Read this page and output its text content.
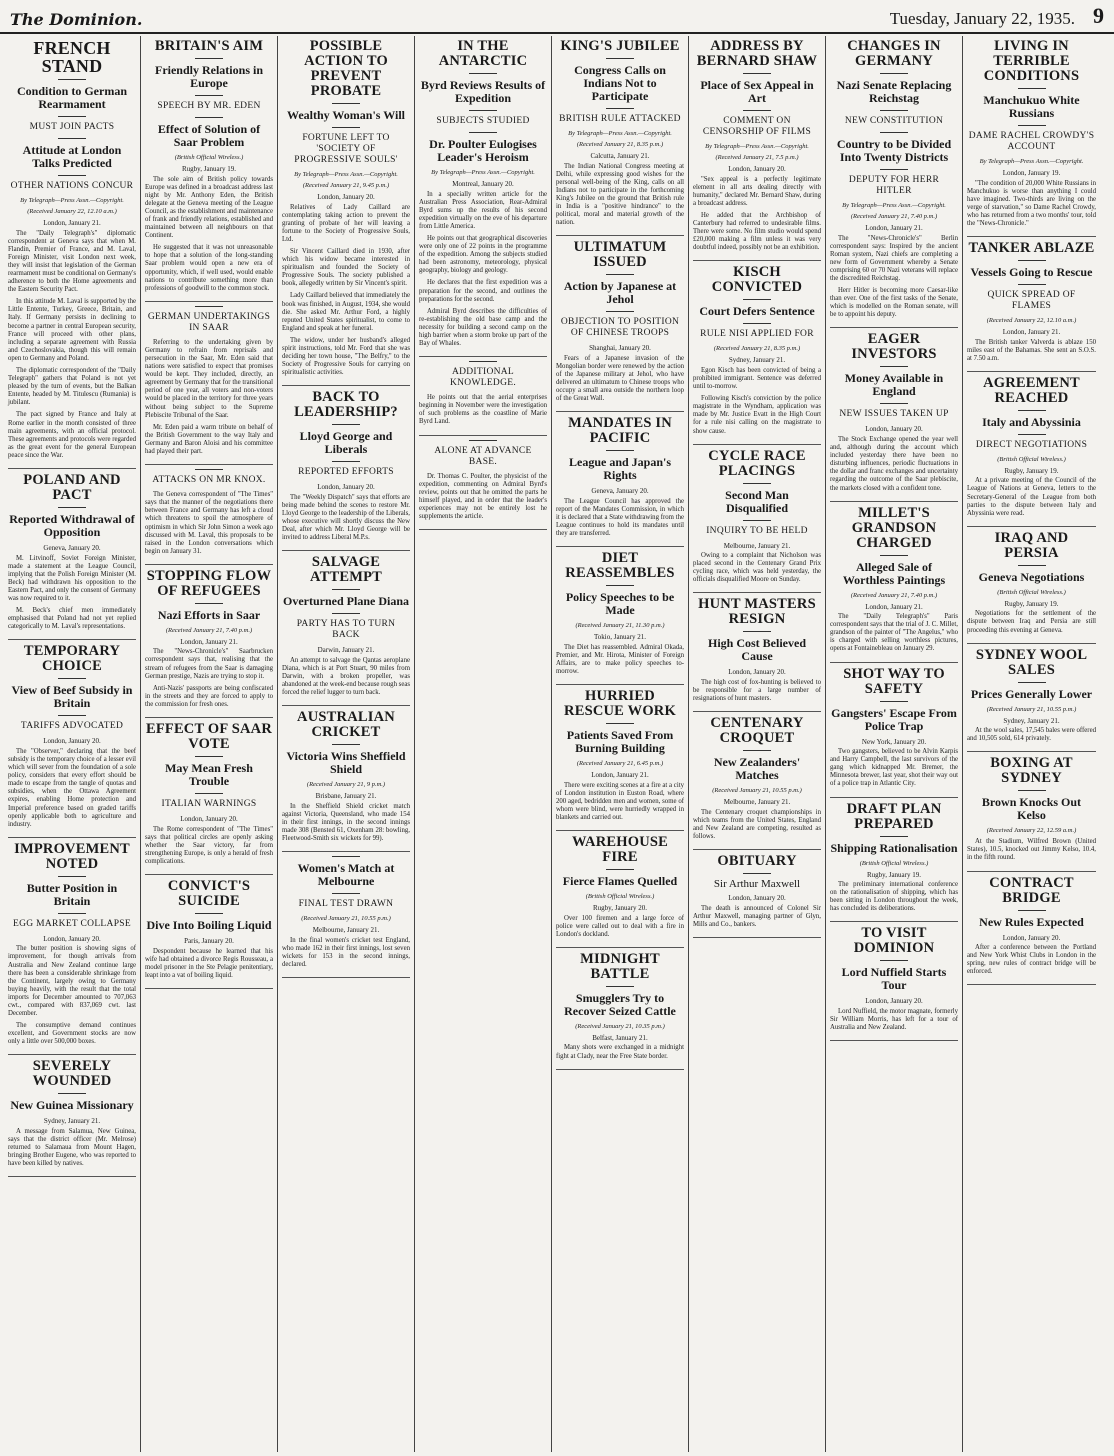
The Dominion.	Tuesday, January 22, 1935. 9
FRENCH STAND
Condition to German Rearmament
MUST JOIN PACTS
Attitude at London Talks Predicted
OTHER NATIONS CONCUR
By Telegraph—Press Assn.—Copyright.
(Received January 22, 12.10 a.m.)
London, January 21.

The "Daily Telegraph's" diplomatic correspondent at Geneva says that when M. Flandin, Premier of France, and M. Laval, Foreign Minister, visit London next week, they will insist that legislation of the German rearmament must be conditional on Germany's adherence to both the Home agreements and the Eastern Security Pact.

In this attitude M. Laval is supported by the Little Entente, Turkey, Greece, Britain, and Italy. If Germany persists in declining to become a partner in central European security, France will proceed with other plans, including a separate agreement with Russia and Czechoslovakia, though this will remain open to Germany and Poland.

The diplomatic correspondent of the "Daily Telegraph" gathers that Poland is not yet pleased by the turn of events, but the Balkan Entente, headed by M. Titulescu (Rumania) is jubilant.

The pact signed by France and Italy at Rome earlier in the month consisted of three main agreements, with an official protocol. These agreements and protocols were regarded as the great event for the general European peace since the War.

POLAND AND PACT
Reported Withdrawal of Opposition
Geneva, January 20.

M. Litvinoff, Soviet Foreign Minister, made a statement at the League Council, implying that the Polish Foreign Minister (M. Beck) had withdrawn his opposition to the Eastern Pact, and only the consent of Germany was now required to it.

M. Beck's chief men immediately emphasised that Poland had not yet replied categorically to M. Laval's representations.

TEMPORARY CHOICE
View of Beef Subsidy in Britain
TARIFFS ADVOCATED
London, January 20.

The "Observer," declaring that the beef subsidy is the temporary choice of a lesser evil which will sever from the foundation of a sole policy, considers that every effort should be made to escape from the tangle of quotas and subsidies, when the Ottawa Agreement expires, enabling Home protection and Imperial preference based on graded tariffs openly applicable both to agriculture and industry.

IMPROVEMENT NOTED
Butter Position in Britain
EGG MARKET COLLAPSE
London, January 20.

The butter position is showing signs of improvement, for though arrivals from Australia and New Zealand continue large there has been a considerable shrinkage from the Continent, largely owing to Germany buying heavily, with the result that the total imports for December amounted to 707,063 cwt., compared with 837,069 cwt. last December.

The consumptive demand continues excellent, and Government stocks are now only a little over 500,000 boxes.

SEVERELY WOUNDED
New Guinea Missionary
Sydney, January 21.

A message from Salamua, New Guinea, says that the district officer (Mr. Melrose) returned to Salamaua from Mount Hagen, bringing Brother Eugene, who was reported to have been killed by natives.

BRITAIN'S AIM
Friendly Relations in Europe
SPEECH BY MR. EDEN
Effect of Solution of Saar Problem
(British Official Wireless.)
Rugby, January 19.

The sole aim of British policy towards Europe was defined in a broadcast address last night by Mr. Anthony Eden, the British delegate at the Geneva meeting of the League Council, as the establishment and maintenance of frank and friendly relations, established and maintained between all neighbours on that Continent.

He suggested that it was not unreasonable to hope that a solution of the long-standing Saar problem would open a new era of opportunity, which, if well used, would enable nations to contribute something more than professions of goodwill to the common stock.

GERMAN UNDERTAKINGS IN SAAR

Referring to the undertaking given by Germany to refrain from reprisals and persecution in the Saar, Mr. Eden said that nations were satisfied to expect that promises would be kept. They included, directly, an agreement by Germany that for the transitional period of one year, all voters and non-voters would be placed in the territory for three years without being subject to the Supreme Plebiscite Tribunal of the Saar.

Mr. Eden paid a warm tribute on behalf of the British Government to the way Italy and Germany and Baron Aloisi and his committee had played their part.

ATTACKS ON MR KNOX.

The Geneva correspondent of "The Times" says that the manner of the negotiations there between France and Germany has left a cloud which threatens to spoil the atmosphere of optimism in which Sir John Simon a week ago discussed with M. Laval, this proposals to be raised in the London conversations which begin on January 31.

STOPPING FLOW OF REFUGEES
Nazi Efforts in Saar
(Received January 21, 7.40 p.m.)
London, January 21.

The "News-Chronicle's" Saarbrucken correspondent says that, realising that the stream of refugees from the Saar is damaging German prestige, Nazis are trying to stop it.

Anti-Nazis' passports are being confiscated in the streets and they are forced to apply to the commission for fresh ones.

EFFECT OF SAAR VOTE
May Mean Fresh Trouble
ITALIAN WARNINGS
London, January 20.

The Rome correspondent of "The Times" says that political circles are openly asking whether the Saar victory, far from strengthening Europe, is only a herald of fresh complications.

CONVICT'S SUICIDE
Dive Into Boiling Liquid
Paris, January 20.

Despondent because he learned that his wife had obtained a divorce Regis Rousseau, a model prisoner in the Ste Pelagie penitentiary, leapt into a vat of boiling liquid.

POSSIBLE ACTION TO PREVENT PROBATE
Wealthy Woman's Will
FORTUNE LEFT TO 'SOCIETY OF PROGRESSIVE SOULS'
By Telegraph—Press Assn.—Copyright.
(Received January 21, 9.45 p.m.)
London, January 20.

Relatives of Lady Caillard are contemplating taking action to prevent the granting of probate of her will leaving a fortune to the Society of Progressive Souls, Ltd.

Sir Vincent Caillard died in 1930, after which his widow became interested in spiritualism and founded the Society of Progressive Souls. The society published a book, allegedly written by Sir Vincent's spirit.

Lady Caillard believed that immediately the book was finished, in August, 1934, she would die. She asked Mr. Arthur Ford, a highly reputed United States spiritualist, to come to England and speak at her funeral.

The widow, under her husband's alleged spirit instructions, told Mr. Ford that she was deciding her town house, "The Belfry," to the Society of Progressive Souls for carrying on spiritualistic activities.

BACK TO LEADERSHIP?
Lloyd George and Liberals
REPORTED EFFORTS
London, January 20.

The "Weekly Dispatch" says that efforts are being made behind the scenes to restore Mr. Lloyd George to the leadership of the Liberals, whose executive will shortly discuss the New Deal, after which Mr. Lloyd George will be invited to address Liberal M.P.s.

SALVAGE ATTEMPT
Overturned Plane Diana
PARTY HAS TO TURN BACK
Darwin, January 21.

An attempt to salvage the Qantas aeroplane Diana, which is at Port Stuart, 90 miles from Darwin, with a broken propeller, was abandoned at the week-end because rough seas forced the relief lugger to turn back.

AUSTRALIAN CRICKET
Victoria Wins Sheffield Shield
(Received January 21, 9 p.m.)
Brisbane, January 21.

In the Sheffield Shield cricket match against Victoria, Queensland, who made 154 in their first innings, in the second innings made 308 (Bensted 61, Oxenham 28: bowling, Fleetwood-Smith six wickets for 99).

Women's Match at Melbourne
FINAL TEST DRAWN
(Received January 21, 10.55 p.m.)
Melbourne, January 21.

In the final women's cricket test England, who made 162 in their first innings, lost seven wickets for 153 in the second innings, declared.

IN THE ANTARCTIC
Byrd Reviews Results of Expedition
SUBJECTS STUDIED
Dr. Poulter Eulogises Leader's Heroism
By Telegraph—Press Assn.—Copyright.
Montreal, January 20.

In a specially written article for the Australian Press Association, Rear-Admiral Byrd sums up the results of his second expedition virtually on the eve of his departure from Little America.

He points out that geographical discoveries were only one of 22 points in the programme of the expedition. Among the subjects studied had been astronomy, meteorology, physical geography, biology and geology.

He declares that the first expedition was a preparation for the second, and outlines the preparations for the second.

Admiral Byrd describes the difficulties of re-establishing the old base camp and the necessity for building a second camp on the high barrier when a storm broke up part of the Bay of Whales.

ADDITIONAL KNOWLEDGE.

He points out that the aerial enterprises beginning in November were the investigation of such problems as the coastline of Marie Byrd Land.

ALONE AT ADVANCE BASE.

Dr. Thomas C. Poulter, the physicist of the expedition, commenting on Admiral Byrd's review, points out that he omitted the parts he himself played, and in order that the leader's experiences may not be entirely lost he supplements the article.

KING'S JUBILEE
Congress Calls on Indians Not to Participate
BRITISH RULE ATTACKED
By Telegraph—Press Assn.—Copyright.
(Received January 21, 8.35 p.m.)
Calcutta, January 21.

The Indian National Congress meeting at Delhi, while expressing good wishes for the personal well-being of the King, calls on all Indians not to participate in the forthcoming King's Jubilee on the ground that British rule in India is a "positive hindrance" to the political, moral and material growth of the nation.

ULTIMATUM ISSUED
Action by Japanese at Jehol
OBJECTION TO POSITION OF CHINESE TROOPS
Shanghai, January 20.

Fears of a Japanese invasion of the Mongolian border were renewed by the action of the Japanese military at Jehol, who have delivered an ultimatum to Chinese troops who occupy a small area outside the northern loop of the Great Wall.

MANDATES IN PACIFIC
League and Japan's Rights
Geneva, January 20.

The League Council has approved the report of the Mandates Commission, in which it is declared that a State withdrawing from the League continues to hold its mandates until they are transferred.

DIET REASSEMBLES
Policy Speeches to be Made
(Received January 21, 11.30 p.m.)
Tokio, January 21.

The Diet has reassembled. Admiral Okada, Premier, and Mr. Hirota, Minister of Foreign Affairs, are to make policy speeches to-morrow.

HURRIED RESCUE WORK
Patients Saved From Burning Building
(Received January 21, 6.45 p.m.)
London, January 21.

There were exciting scenes at a fire at a city of London institution in Euston Road, where 200 aged, bedridden men and women, some of whom were blind, were hurriedly wrapped in blankets and carried out.

WAREHOUSE FIRE
Fierce Flames Quelled
(British Official Wireless.)
Rugby, January 20.

Over 100 firemen and a large force of police were called out to deal with a fire in London's dockland.

MIDNIGHT BATTLE
Smugglers Try to Recover Seized Cattle
(Received January 21, 10.35 p.m.)
Belfast, January 21.

Many shots were exchanged in a midnight fight at Clady, near the Free State border.

ADDRESS BY BERNARD SHAW
Place of Sex Appeal in Art
COMMENT ON CENSORSHIP OF FILMS
By Telegraph—Press Assn.—Copyright.
(Received January 21, 7.5 p.m.)
London, January 20.

"Sex appeal is a perfectly legitimate element in all arts dealing directly with humanity," declared Mr. Bernard Shaw, during a broadcast address.

He added that the Archbishop of Canterbury had referred to undesirable films. There were some. No film studio would spend £20,000 making a film unless it was very doubtful indeed, possibly not be an exhibition.

KISCH CONVICTED
Court Defers Sentence
RULE NISI APPLIED FOR
(Received January 21, 8.35 p.m.)
Sydney, January 21.

Egon Kisch has been convicted of being a prohibited immigrant. Sentence was deferred until to-morrow.

Following Kisch's conviction by the police magistrate in the Wyndham, application was made by Mr. Justice Evatt in the High Court for a rule nisi calling on the magistrate to show cause.

CYCLE RACE PLACINGS
Second Man Disqualified
INQUIRY TO BE HELD
Melbourne, January 21.

Owing to a complaint that Nicholson was placed second in the Centenary Grand Prix cycling race, which was held yesterday, the officials disqualified Moore on Sunday.

HUNT MASTERS RESIGN
High Cost Believed Cause
London, January 20.

The high cost of fox-hunting is believed to be responsible for a large number of resignations of hunt masters.

CENTENARY CROQUET
New Zealanders' Matches
(Received January 21, 10.55 p.m.)
Melbourne, January 21.

The Centenary croquet championships in which teams from the United States, England and New Zealand are competing, resulted as follows.

OBITUARY
Sir Arthur Maxwell
London, January 20.

The death is announced of Colonel Sir Arthur Maxwell, managing partner of Glyn, Mills and Co., bankers.

CHANGES IN GERMANY
Nazi Senate Replacing Reichstag
NEW CONSTITUTION
Country to be Divided Into Twenty Districts
DEPUTY FOR HERR HITLER
By Telegraph—Press Assn.—Copyright.
(Received January 21, 7.40 p.m.)
London, January 21.

The "News-Chronicle's" Berlin correspondent says: Inspired by the ancient Roman system, Nazi chiefs are completing a new form of Government whereby a Senate comprising 60 or 70 Nazi veterans will replace the discredited Reichstag.

Herr Hitler is becoming more Caesar-like than ever. One of the first tasks of the Senate, which is modelled on the Roman senate, will be to appoint his deputy.

EAGER INVESTORS
Money Available in England
NEW ISSUES TAKEN UP
London, January 20.

The Stock Exchange opened the year well and, although during the account which included yesterday there have been no disturbing influences, periodic fluctuations in the dollar and franc exchanges and uncertainty regarding the outcome of the Saar plebiscite, the markets closed with a confident tone.

MILLET'S GRANDSON CHARGED
Alleged Sale of Worthless Paintings
(Received January 21, 7.40 p.m.)
London, January 21.

The "Daily Telegraph's" Paris correspondent says that the trial of J. C. Millet, grandson of the painter of "The Angelus," who is charged with selling worthless pictures, opens at Fontainebleau on January 29.

SHOT WAY TO SAFETY
Gangsters' Escape From Police Trap
New York, January 20.

Two gangsters, believed to be Alvin Karpis and Harry Campbell, the last survivors of the gang which kidnapped Mr. Bremer, the Minnesota brewer, last year, shot their way out of a police trap in Atlantic City.

DRAFT PLAN PREPARED
Shipping Rationalisation
(British Official Wireless.)
Rugby, January 19.

The preliminary international conference on the rationalisation of shipping, which has been sitting in London throughout the week, has concluded its deliberations.

TO VISIT DOMINION
Lord Nuffield Starts Tour
London, January 20.

Lord Nuffield, the motor magnate, formerly Sir William Morris, has left for a tour of Australia and New Zealand.

LIVING IN TERRIBLE CONDITIONS
Manchukuo White Russians
DAME RACHEL CROWDY'S ACCOUNT
By Telegraph—Press Assn.—Copyright.
London, January 19.

"The condition of 20,000 White Russians in Manchukuo is worse than anything I could have imagined. Two-thirds are living on the verge of starvation," so Dame Rachel Crowdy, who has returned from a two months' tour, told the "News-Chronicle."

TANKER ABLAZE
Vessels Going to Rescue
QUICK SPREAD OF FLAMES
(Received January 22, 12.10 a.m.)
London, January 21.

The British tanker Valverda is ablaze 150 miles east of the Bahamas. She sent an S.O.S. at 7.50 a.m.

AGREEMENT REACHED
Italy and Abyssinia
DIRECT NEGOTIATIONS
(British Official Wireless.)
Rugby, January 19.

At a private meeting of the Council of the League of Nations at Geneva, letters to the Secretary-General of the League from both parties to the dispute between Italy and Abyssinia were read.

IRAQ AND PERSIA
Geneva Negotiations
(British Official Wireless.)
Rugby, January 19.

Negotiations for the settlement of the dispute between Iraq and Persia are still proceeding this evening at Geneva.

SYDNEY WOOL SALES
Prices Generally Lower
(Received January 21, 10.55 p.m.)
Sydney, January 21.

At the wool sales, 17,545 bales were offered and 10,505 sold, 614 privately.

BOXING AT SYDNEY
Brown Knocks Out Kelso
(Received January 22, 12.59 a.m.)

At the Stadium, Wilfred Brown (United States), 10.5, knocked out Jimmy Kelso, 10.4, in the fifth round.

CONTRACT BRIDGE
New Rules Expected
London, January 20.

After a conference between the Portland and New York Whist Clubs in London in the spring, new rules of contract bridge will be enforced.
